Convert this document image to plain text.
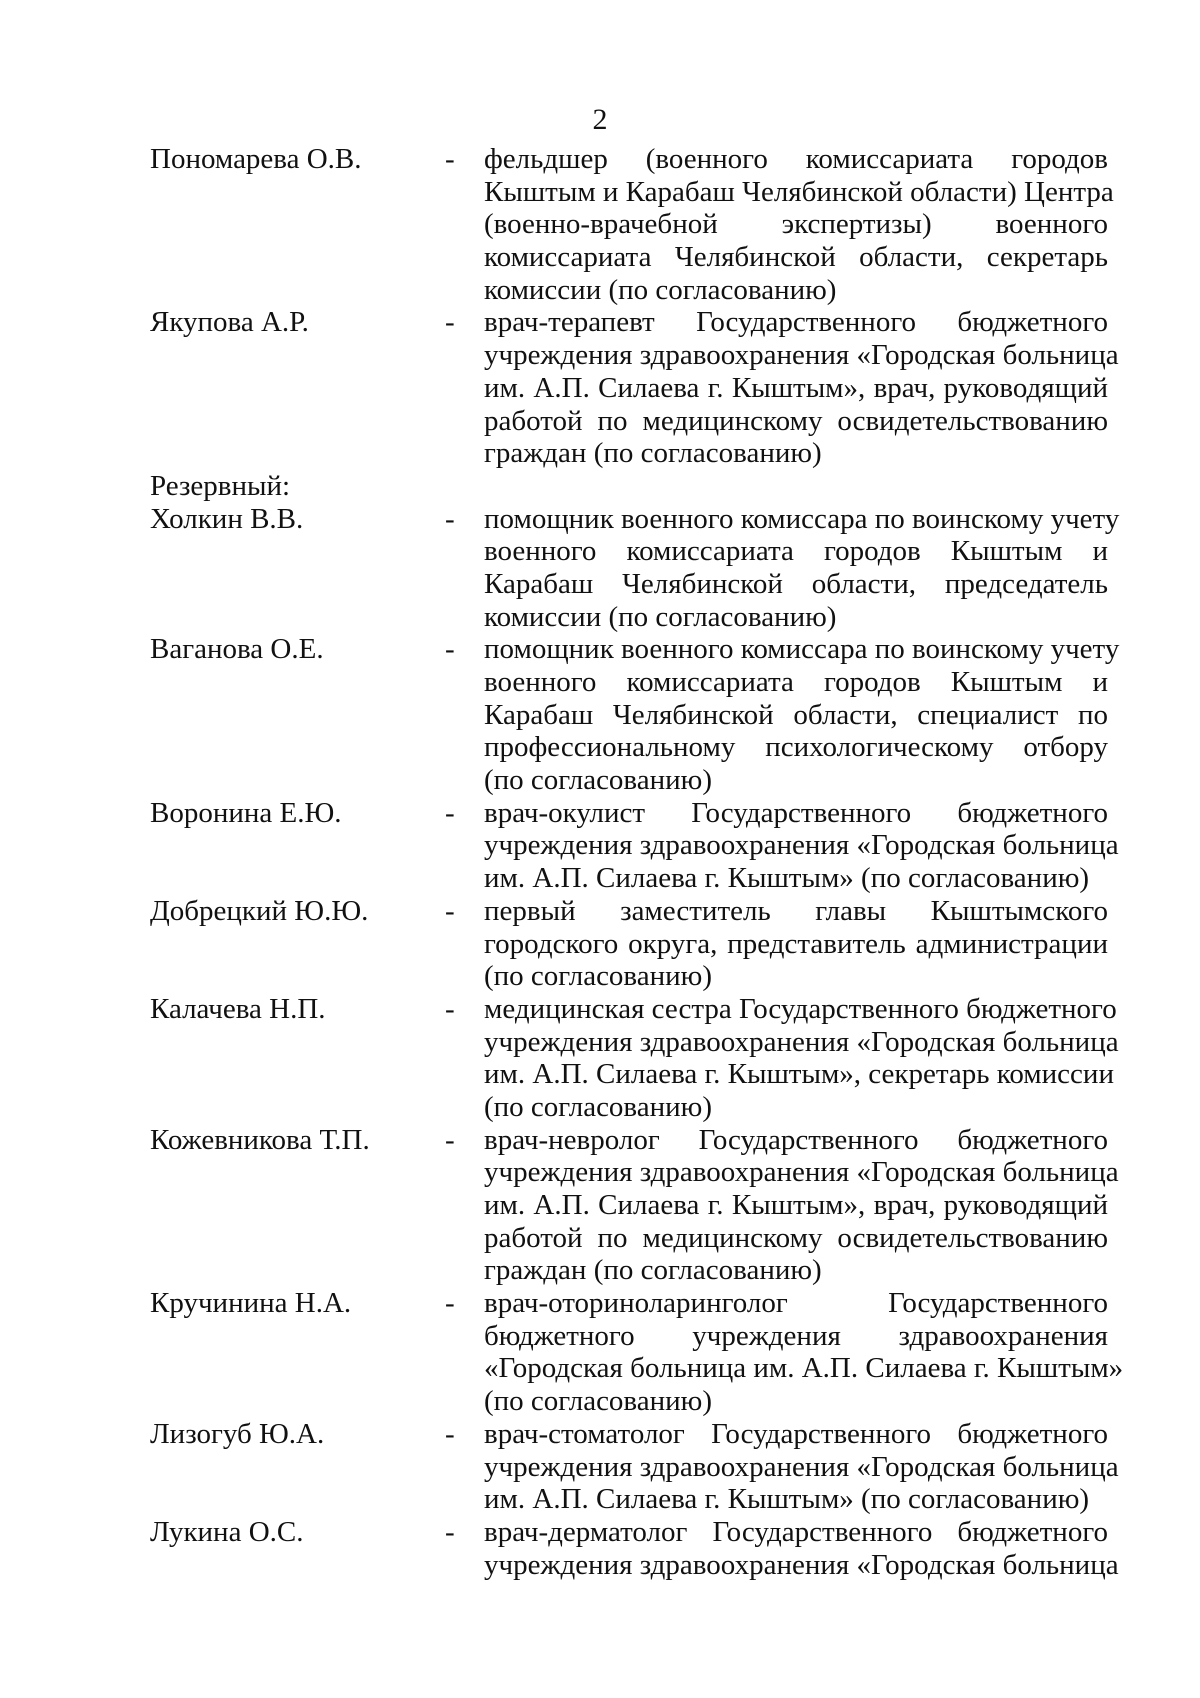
2
Пономарева О.В.	- фельдшер (военного комиссариата городов
Кыштым и Карабаш Челябинской области) Центра
(военно-врачебной экспертизы) военного
комиссариата Челябинской области, секретарь
комиссии (по согласованию)
Якупова А.Р.	- врач-терапевт Государственного бюджетного
учреждения здравоохранения «Городская больница
им. А.П. Силаева г. Кыштым», врач, руководящий
работой по медицинскому освидетельствованию
граждан (по согласованию)
Резервный:
Холкин В.В.	- помощник военного комиссара по воинскому учету
военного комиссариата городов Кыштым и
Карабаш Челябинской области, председатель
комиссии (по согласованию)
Ваганова О.Е.	- помощник военного комиссара по воинскому учету
военного комиссариата городов Кыштым и
Карабаш Челябинской области, специалист по
профессиональному психологическому отбору
(по согласованию)
Воронина Е.Ю.	- врач-окулист Государственного бюджетного
учреждения здравоохранения «Городская больница
им. А.П. Силаева г. Кыштым» (по согласованию)
Добрецкий Ю.Ю.	- первый заместитель главы Кыштымского
городского округа, представитель администрации
(по согласованию)
Калачева Н.П.	- медицинская сестра Государственного бюджетного
учреждения здравоохранения «Городская больница
им. А.П. Силаева г. Кыштым», секретарь комиссии
(по согласованию)
Кожевникова Т.П.	- врач-невролог Государственного бюджетного
учреждения здравоохранения «Городская больница
им. А.П. Силаева г. Кыштым», врач, руководящий
работой по медицинскому освидетельствованию
граждан (по согласованию)
Кручинина Н.А.	- врач-оториноларинголог Государственного
бюджетного учреждения здравоохранения
«Городская больница им. А.П. Силаева г. Кыштым»
(по согласованию)
Лизогуб Ю.А.	- врач-стоматолог Государственного бюджетного
учреждения здравоохранения «Городская больница
им. А.П. Силаева г. Кыштым» (по согласованию)
Лукина О.С.	- врач-дерматолог Государственного бюджетного
учреждения здравоохранения «Городская больница
